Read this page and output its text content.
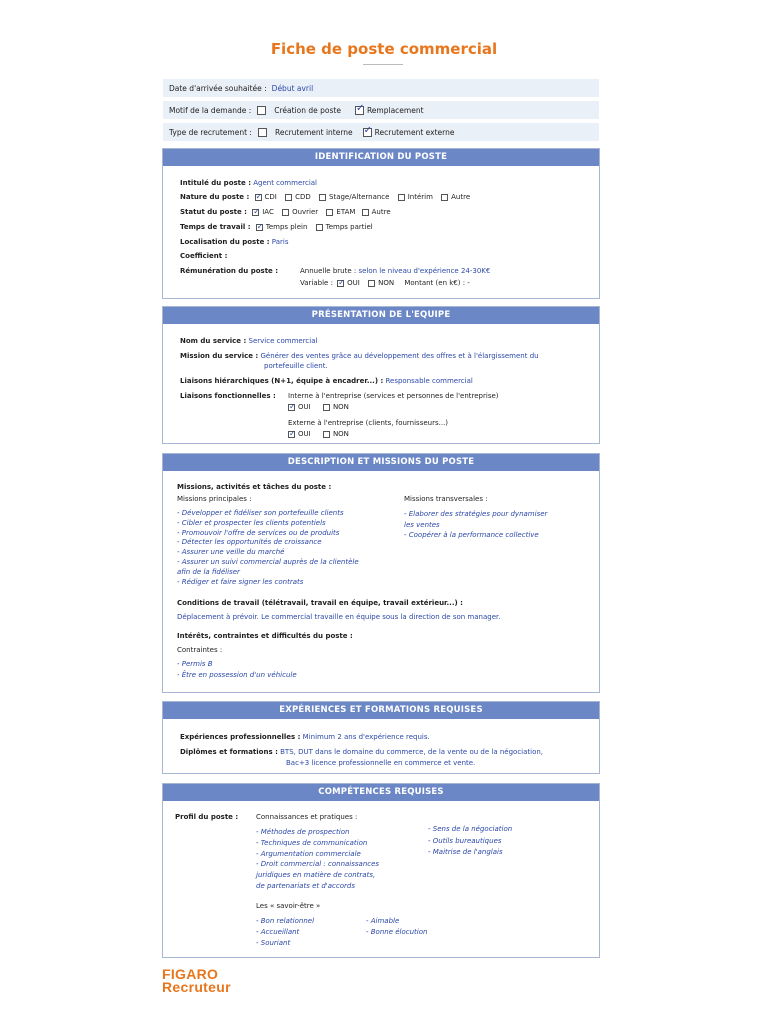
Fiche de poste commercial
Date d'arrivée souhaitée : Début avril
Motif de la demande :	Création de poste ✓	Remplacement
Type de recrutement :	Recrutement interne ✓	Recrutement externe
IDENTIFICATION DU POSTE
Intitulé du poste : Agent commercial
Nature du poste : ✓ CDI	CDD	Stage/Alternance	Intérim	Autre
Statut du poste : ✓ IAC	Ouvrier	ETAM Autre
Temps de travail : ✓ Temps plein	Temps partiel
Localisation du poste : Paris
Coefficient :
Rémunération du poste :	Annuelle brute : selon le niveau d'expérience 24-30K€
Variable : ✓ OUI	NON Montant (en k€) : -
PRÉSENTATION DE L'EQUIPE
Nom du service : Service commercial
Mission du service : Générer des ventes grâce au développement des offres et à l'élargissement du
portefeuille client.
Liaisons hiérarchiques (N+1, équipe à encadrer...) : Responsable commercial
Liaisons fonctionnelles : Interne à l'entreprise (services et personnes de l'entreprise)
✓OUI	NON
Externe à l'entreprise (clients, fournisseurs...)
✓OUI	NON
DESCRIPTION ET MISSIONS DU POSTE
Missions, activités et tâches du poste :
Missions principales :
- Développer et fidéliser son portefeuille clients
- Cibler et prospecter les clients potentiels
- Promouvoir l'offre de services ou de produits
- Détecter les opportunités de croissance
- Assurer une veille du marché
- Assurer un suivi commercial auprès de la clientèle
afin de la fidéliser
- Rédiger et faire signer les contrats
Missions transversales :
- Elaborer des stratégies pour dynamiser
les ventes
- Coopérer à la performance collective
Conditions de travail (télétravail, travail en équipe, travail extérieur...) :
Déplacement à prévoir. Le commercial travaille en équipe sous la direction de son manager.
Intérêts, contraintes et difficultés du poste :
Contraintes :
- Permis B
- Être en possession d'un véhicule
EXPÉRIENCES ET FORMATIONS REQUISES
Expériences professionnelles : Minimum 2 ans d'expérience requis.
Diplômes et formations : BTS, DUT dans le domaine du commerce, de la vente ou de la négociation,
Bac+3 licence professionnelle en commerce et vente.
COMPÉTENCES REQUISES
Profil du poste :	Connaissances et pratiques :
- Méthodes de prospection
- Techniques de communication
- Argumentation commerciale
- Droit commercial : connaissances
juridiques en matière de contrats,
de partenariats et d'accords
- Sens de la négociation
- Outils bureautiques
- Maitrise de l'anglais
Les « savoir-être »
- Bon relationnel
- Accueillant
- Souriant
- Aimable
- Bonne élocution
FIGARO
Recruteur
